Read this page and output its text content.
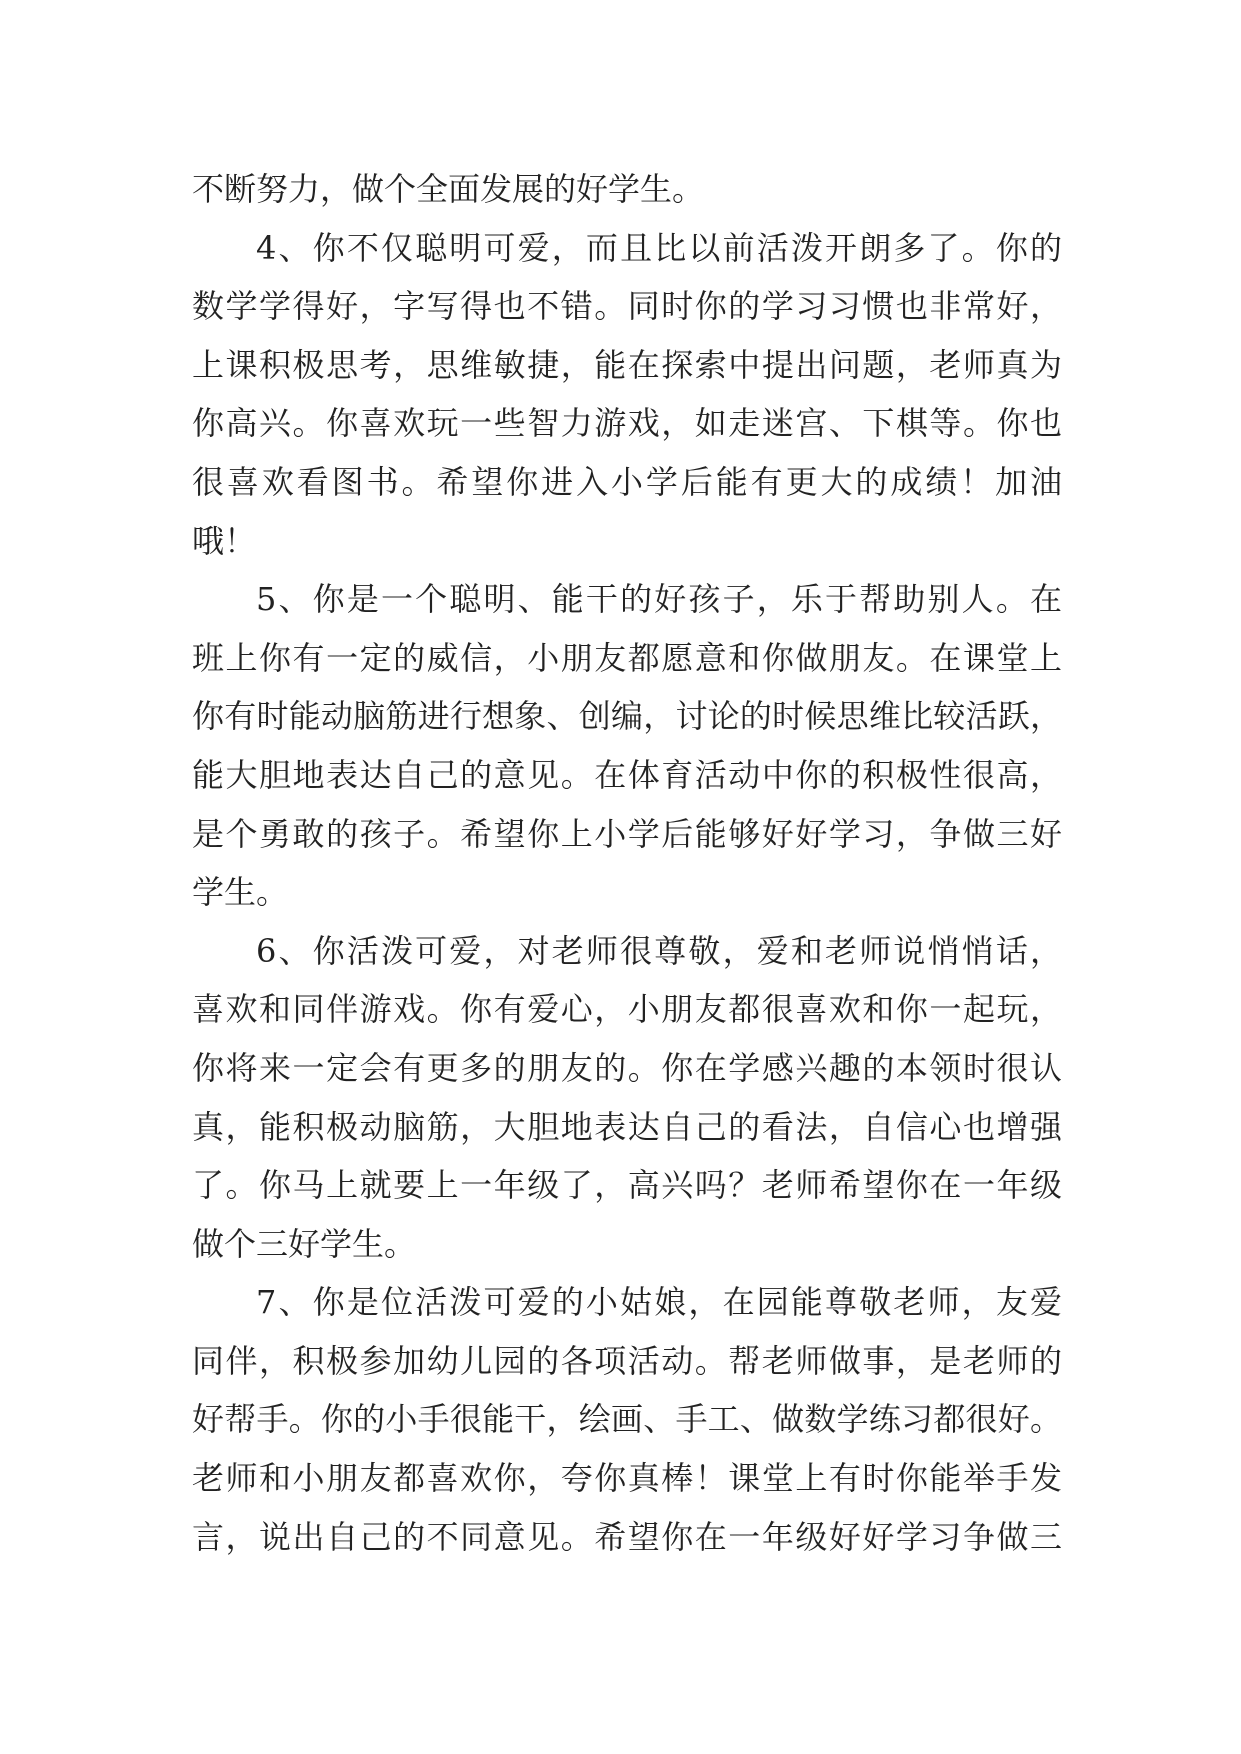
不断努力，做个全面发展的好学生。
4、你不仅聪明可爱，而且比以前活泼开朗多了。你的
数学学得好，字写得也不错。同时你的学习习惯也非常好，
上课积极思考，思维敏捷，能在探索中提出问题，老师真为
你高兴。你喜欢玩一些智力游戏，如走迷宫、下棋等。你也
很喜欢看图书。希望你进入小学后能有更大的成绩！加油
哦！
5、你是一个聪明、能干的好孩子，乐于帮助别人。在
班上你有一定的威信，小朋友都愿意和你做朋友。在课堂上
你有时能动脑筋进行想象、创编，讨论的时候思维比较活跃，
能大胆地表达自己的意见。在体育活动中你的积极性很高，
是个勇敢的孩子。希望你上小学后能够好好学习，争做三好
学生。
6、你活泼可爱，对老师很尊敬，爱和老师说悄悄话，
喜欢和同伴游戏。你有爱心，小朋友都很喜欢和你一起玩，
你将来一定会有更多的朋友的。你在学感兴趣的本领时很认
真，能积极动脑筋，大胆地表达自己的看法，自信心也增强
了。你马上就要上一年级了，高兴吗？老师希望你在一年级
做个三好学生。
7、你是位活泼可爱的小姑娘，在园能尊敬老师，友爱
同伴，积极参加幼儿园的各项活动。帮老师做事，是老师的
好帮手。你的小手很能干，绘画、手工、做数学练习都很好。
老师和小朋友都喜欢你，夸你真棒！课堂上有时你能举手发
言，说出自己的不同意见。希望你在一年级好好学习争做三
